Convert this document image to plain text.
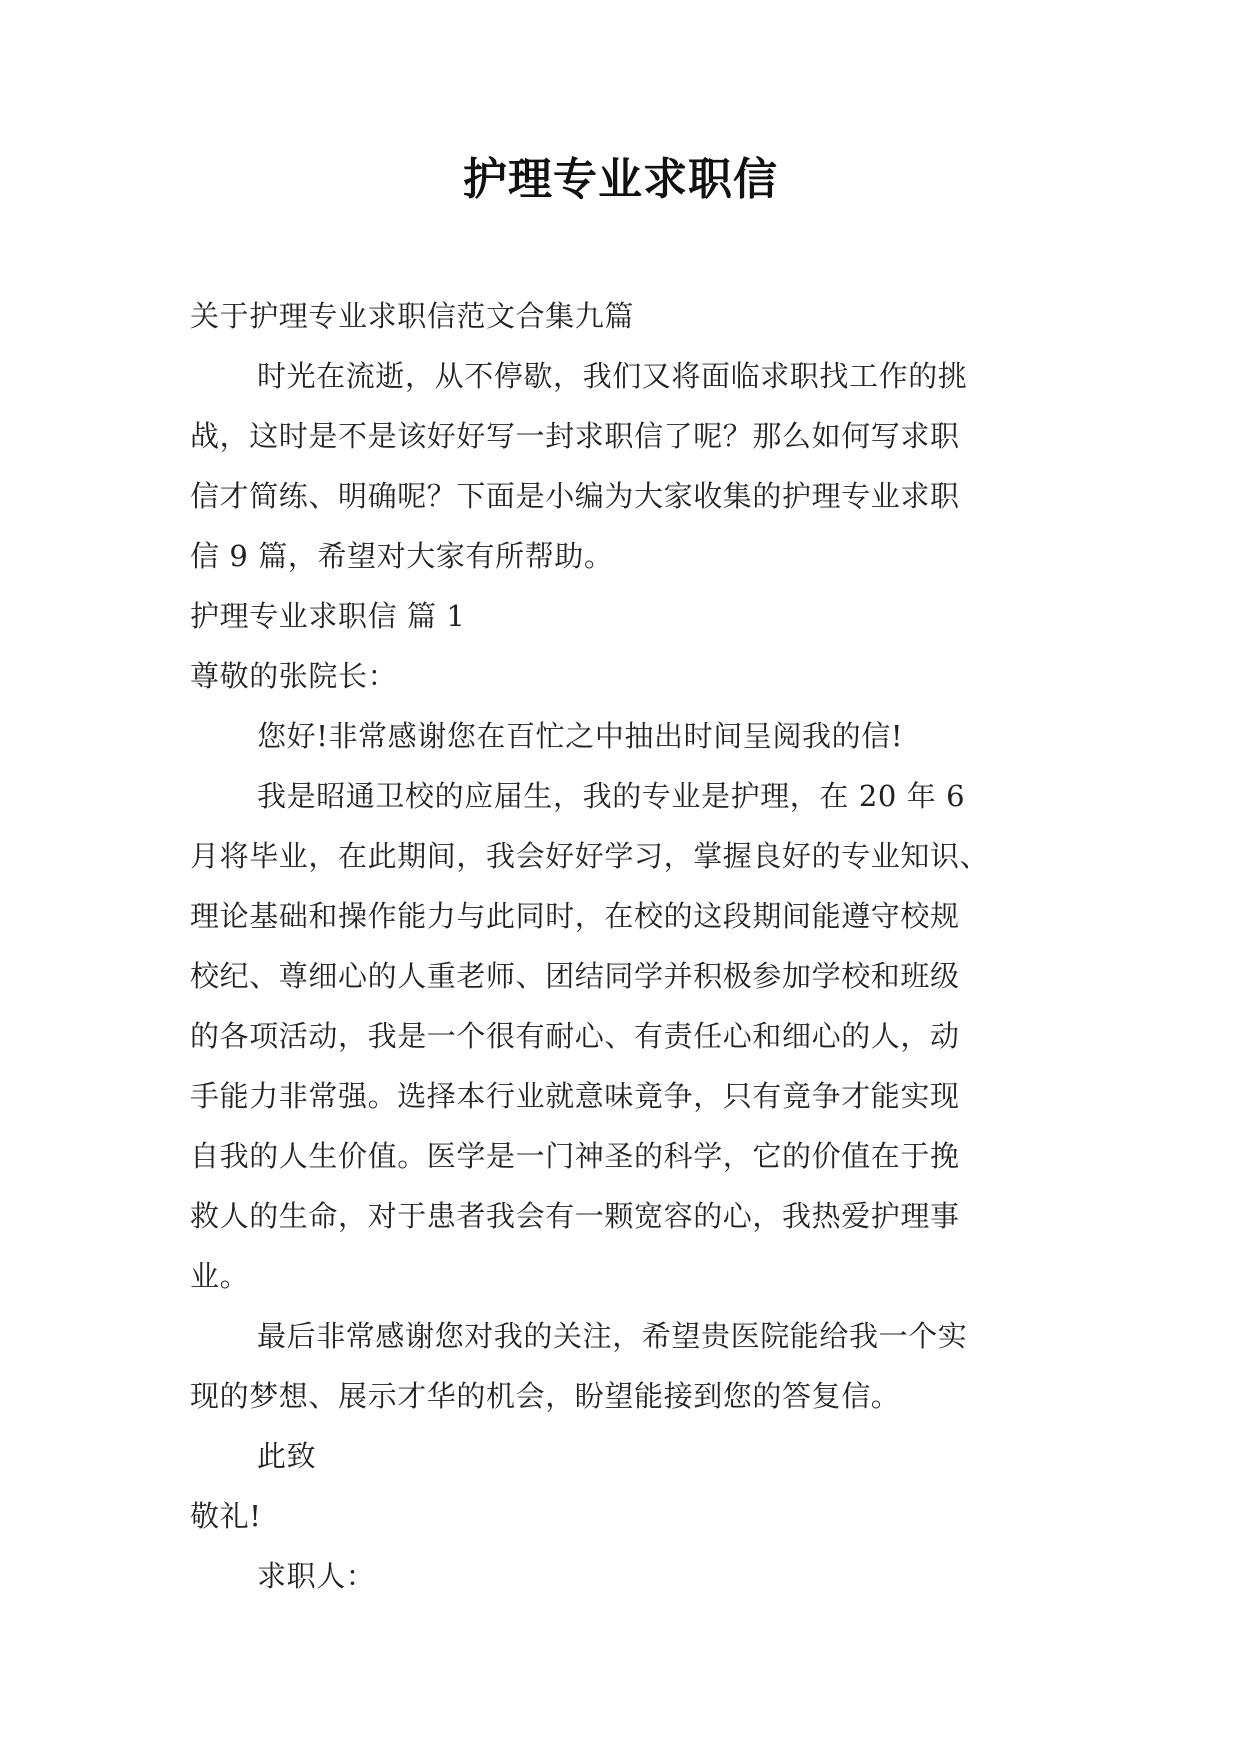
护理专业求职信
关于护理专业求职信范文合集九篇
时光在流逝，从不停歇，我们又将面临求职找工作的挑
战，这时是不是该好好写一封求职信了呢？那么如何写求职
信才简练、明确呢？下面是小编为大家收集的护理专业求职
信 9 篇，希望对大家有所帮助。
护理专业求职信 篇 1
尊敬的张院长：
您好!非常感谢您在百忙之中抽出时间呈阅我的信!
我是昭通卫校的应届生，我的专业是护理，在 20 年 6
月将毕业，在此期间，我会好好学习，掌握良好的专业知识、
理论基础和操作能力与此同时，在校的这段期间能遵守校规
校纪、尊细心的人重老师、团结同学并积极参加学校和班级
的各项活动，我是一个很有耐心、有责任心和细心的人，动
手能力非常强。选择本行业就意味竟争，只有竟争才能实现
自我的人生价值。医学是一门神圣的科学，它的价值在于挽
救人的生命，对于患者我会有一颗宽容的心，我热爱护理事
业。
最后非常感谢您对我的关注，希望贵医院能给我一个实
现的梦想、展示才华的机会，盼望能接到您的答复信。
此致
敬礼!
求职人：
